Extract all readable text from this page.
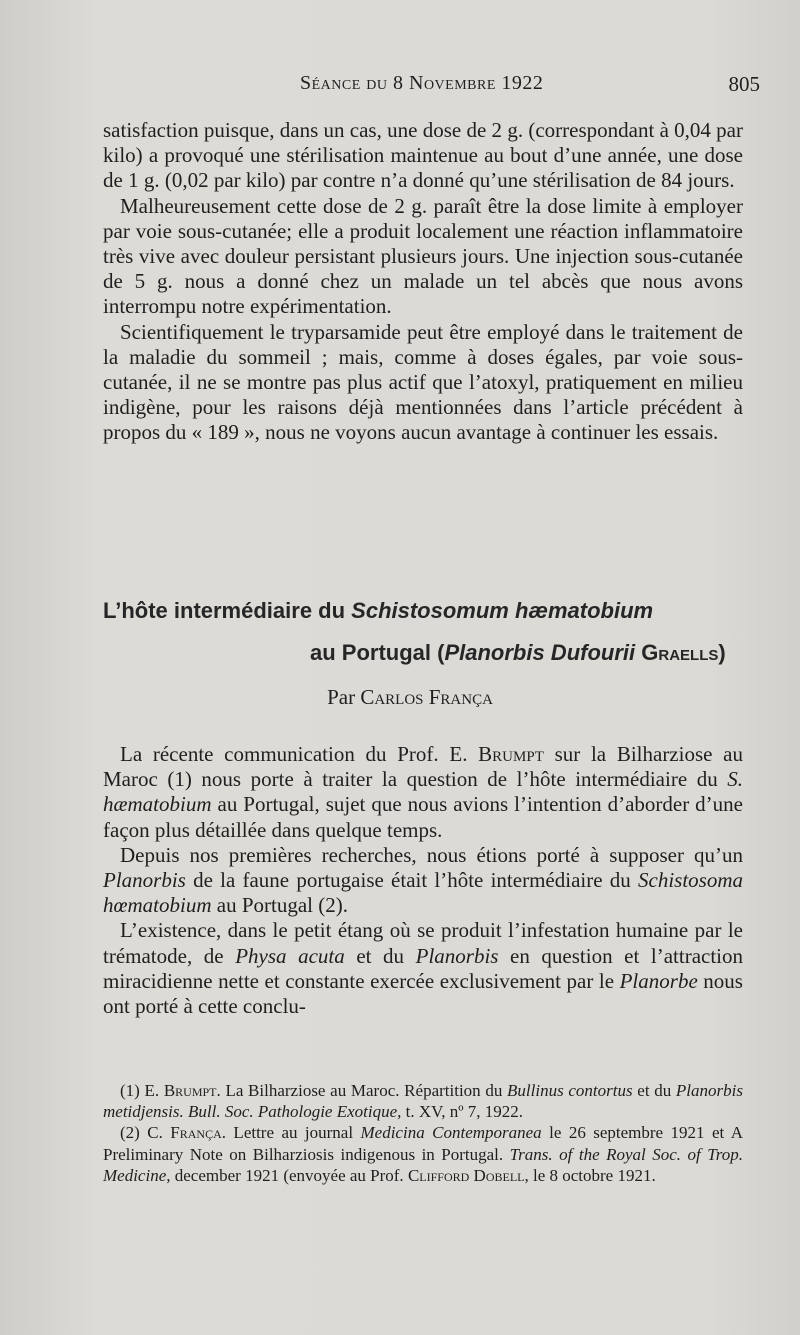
Séance du 8 Novembre 1922	805

satisfaction puisque, dans un cas, une dose de 2 g. (correspondant à 0,04 par kilo) a provoqué une stérilisation maintenue au bout d’une année, une dose de 1 g. (0,02 par kilo) par contre n’a donné qu’une stérilisation de 84 jours.

Malheureusement cette dose de 2 g. paraît être la dose limite à employer par voie sous-cutanée; elle a produit localement une réaction inflammatoire très vive avec douleur persistant plusieurs jours. Une injection sous-cutanée de 5 g. nous a donné chez un malade un tel abcès que nous avons interrompu notre expérimentation.

Scientifiquement le tryparsamide peut être employé dans le traitement de la maladie du sommeil ; mais, comme à doses égales, par voie sous-cutanée, il ne se montre pas plus actif que l’atoxyl, pratiquement en milieu indigène, pour les raisons déjà mentionnées dans l’article précédent à propos du « 189 », nous ne voyons aucun avantage à continuer les essais.

L’hôte intermédiaire du Schistosomum hæmatobium
au Portugal (Planorbis Dufourii Graells)
Par Carlos França

La récente communication du Prof. E. Brumpt sur la Bilharziose au Maroc (1) nous porte à traiter la question de l’hôte intermédiaire du S. hæmatobium au Portugal, sujet que nous avions l’intention d’aborder d’une façon plus détaillée dans quelque temps.

Depuis nos premières recherches, nous étions porté à supposer qu’un Planorbis de la faune portugaise était l’hôte intermédiaire du Schistosoma hœmatobium au Portugal (2).

L’existence, dans le petit étang où se produit l’infestation humaine par le trématode, de Physa acuta et du Planorbis en question et l’attraction miracidienne nette et constante exercée exclusivement par le Planorbe nous ont porté à cette conclu-

(1) E. Brumpt. La Bilharziose au Maroc. Répartition du Bullinus contortus et du Planorbis metidjensis. Bull. Soc. Pathologie Exotique, t. XV, nº 7, 1922.

(2) C. França. Lettre au journal Medicina Contemporanea le 26 septembre 1921 et A Preliminary Note on Bilharziosis indigenous in Portugal. Trans. of the Royal Soc. of Trop. Medicine, december 1921 (envoyée au Prof. Clifford Dobell, le 8 octobre 1921.
